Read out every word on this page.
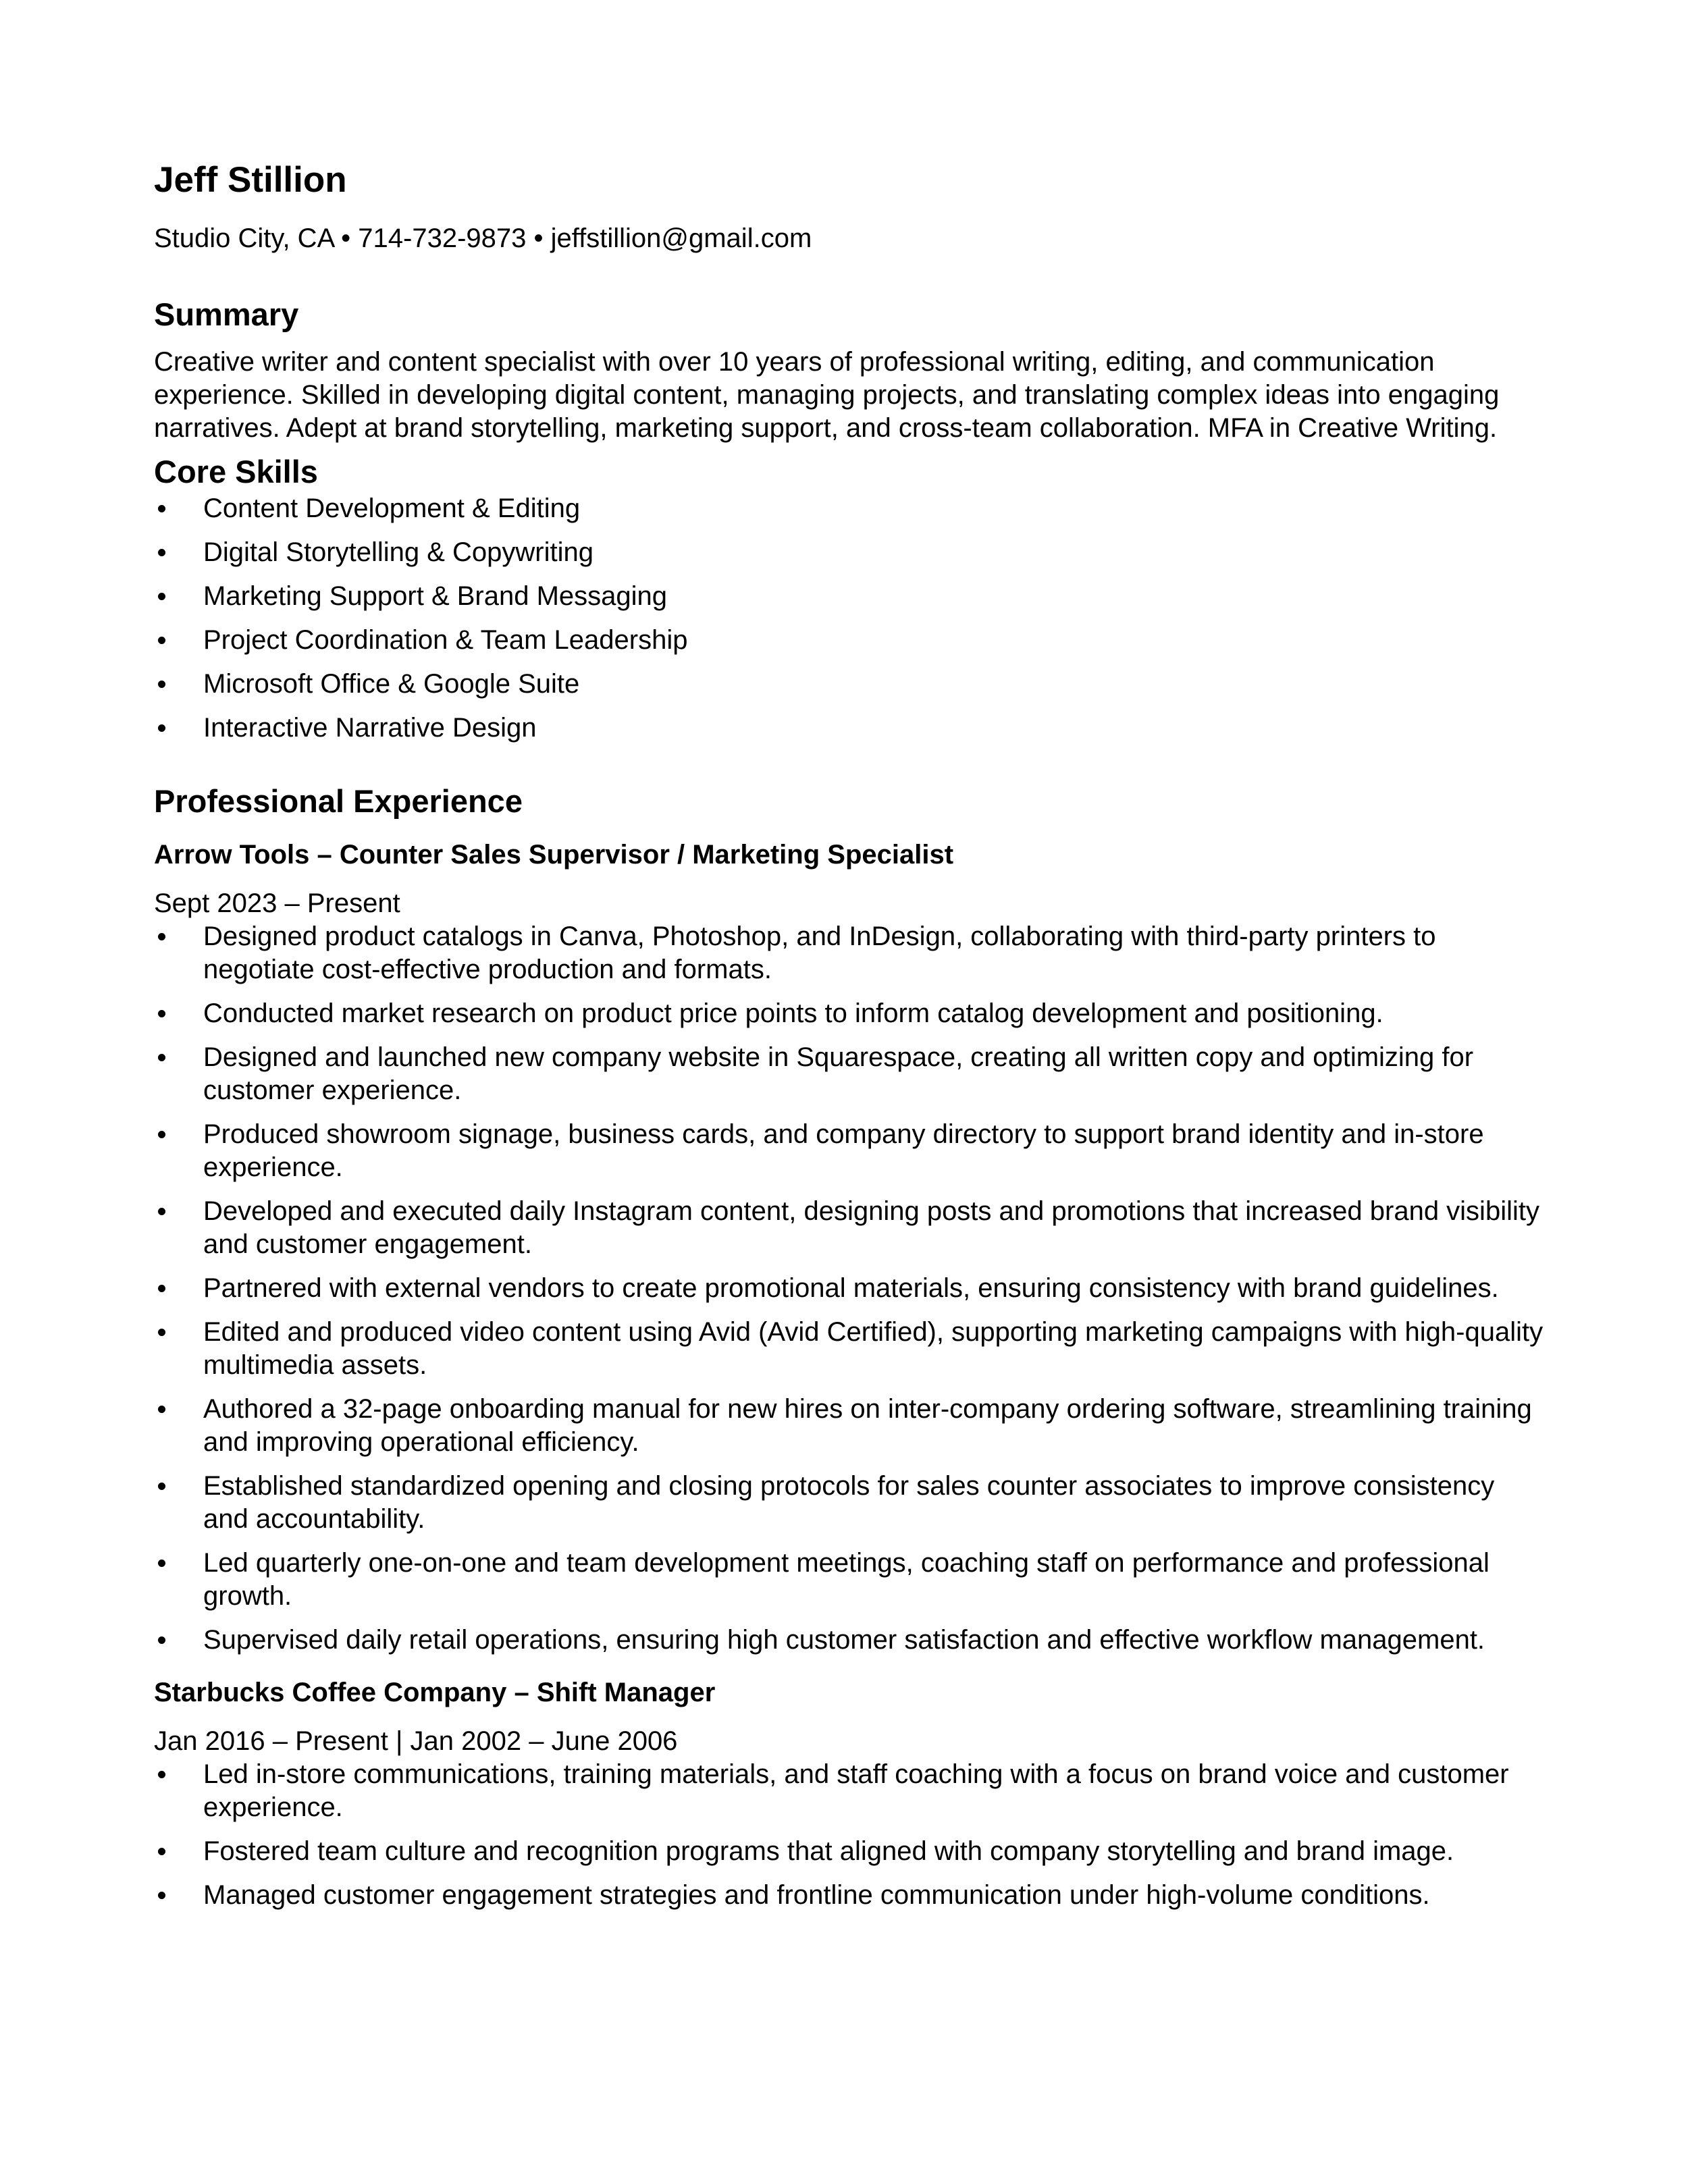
Jeff Stillion

Studio City, CA • 714-732-9873 • jeffstillion@gmail.com

Summary

Creative writer and content specialist with over 10 years of professional writing, editing, and communication experience. Skilled in developing digital content, managing projects, and translating complex ideas into engaging narratives. Adept at brand storytelling, marketing support, and cross-team collaboration. MFA in Creative Writing.

Core Skills
Content Development & Editing
Digital Storytelling & Copywriting
Marketing Support & Brand Messaging
Project Coordination & Team Leadership
Microsoft Office & Google Suite
Interactive Narrative Design
Professional Experience
Arrow Tools – Counter Sales Supervisor / Marketing Specialist

Sept 2023 – Present

Designed product catalogs in Canva, Photoshop, and InDesign, collaborating with third-party printers to negotiate cost-effective production and formats.
Conducted market research on product price points to inform catalog development and positioning.
Designed and launched new company website in Squarespace, creating all written copy and optimizing for customer experience.
Produced showroom signage, business cards, and company directory to support brand identity and in-store experience.
Developed and executed daily Instagram content, designing posts and promotions that increased brand visibility and customer engagement.
Partnered with external vendors to create promotional materials, ensuring consistency with brand guidelines.
Edited and produced video content using Avid (Avid Certified), supporting marketing campaigns with high-quality multimedia assets.
Authored a 32-page onboarding manual for new hires on inter-company ordering software, streamlining training and improving operational efficiency.
Established standardized opening and closing protocols for sales counter associates to improve consistency and accountability.
Led quarterly one-on-one and team development meetings, coaching staff on performance and professional growth.
Supervised daily retail operations, ensuring high customer satisfaction and effective workflow management.
Starbucks Coffee Company – Shift Manager

Jan 2016 – Present | Jan 2002 – June 2006

Led in-store communications, training materials, and staff coaching with a focus on brand voice and customer experience.
Fostered team culture and recognition programs that aligned with company storytelling and brand image.
Managed customer engagement strategies and frontline communication under high-volume conditions.
